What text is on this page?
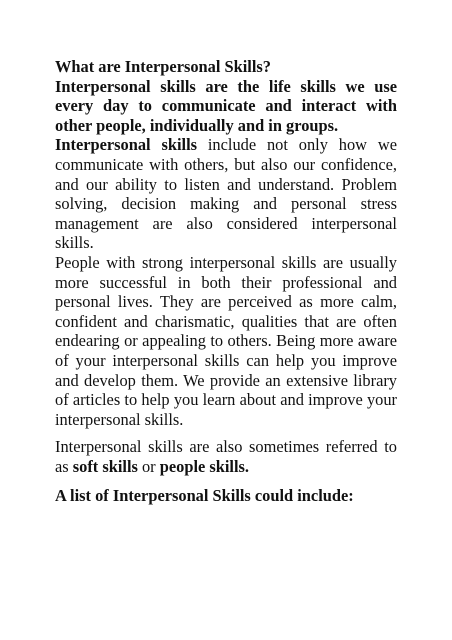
What are Interpersonal Skills?

Interpersonal skills are the life skills we use every day to communicate and interact with other people, individually and in groups.

Interpersonal skills include not only how we communicate with others, but also our confidence, and our ability to listen and understand. Problem solving, decision making and personal stress management are also considered interpersonal skills.

People with strong interpersonal skills are usually more successful in both their professional and personal lives. They are perceived as more calm, confident and charismatic, qualities that are often endearing or appealing to others. Being more aware of your interpersonal skills can help you improve and develop them. We provide an extensive library of articles to help you learn about and improve your interpersonal skills.

Interpersonal skills are also sometimes referred to as soft skills or people skills.

A list of Interpersonal Skills could include:
